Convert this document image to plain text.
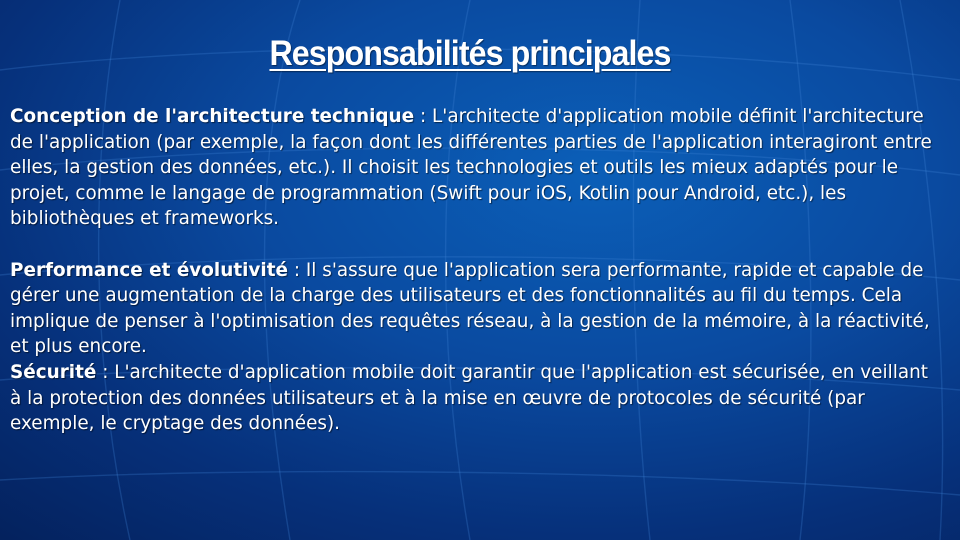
Responsabilités principales

Conception de l'architecture technique : L'architecte d'application mobile définit l'architecture de l'application (par exemple, la façon dont les différentes parties de l'application interagiront entre elles, la gestion des données, etc.). Il choisit les technologies et outils les mieux adaptés pour le projet, comme le langage de programmation (Swift pour iOS, Kotlin pour Android, etc.), les bibliothèques et frameworks.

Performance et évolutivité : Il s'assure que l'application sera performante, rapide et capable de gérer une augmentation de la charge des utilisateurs et des fonctionnalités au fil du temps. Cela implique de penser à l'optimisation des requêtes réseau, à la gestion de la mémoire, à la réactivité, et plus encore.

Sécurité : L'architecte d'application mobile doit garantir que l'application est sécurisée, en veillant à la protection des données utilisateurs et à la mise en œuvre de protocoles de sécurité (par exemple, le cryptage des données).
